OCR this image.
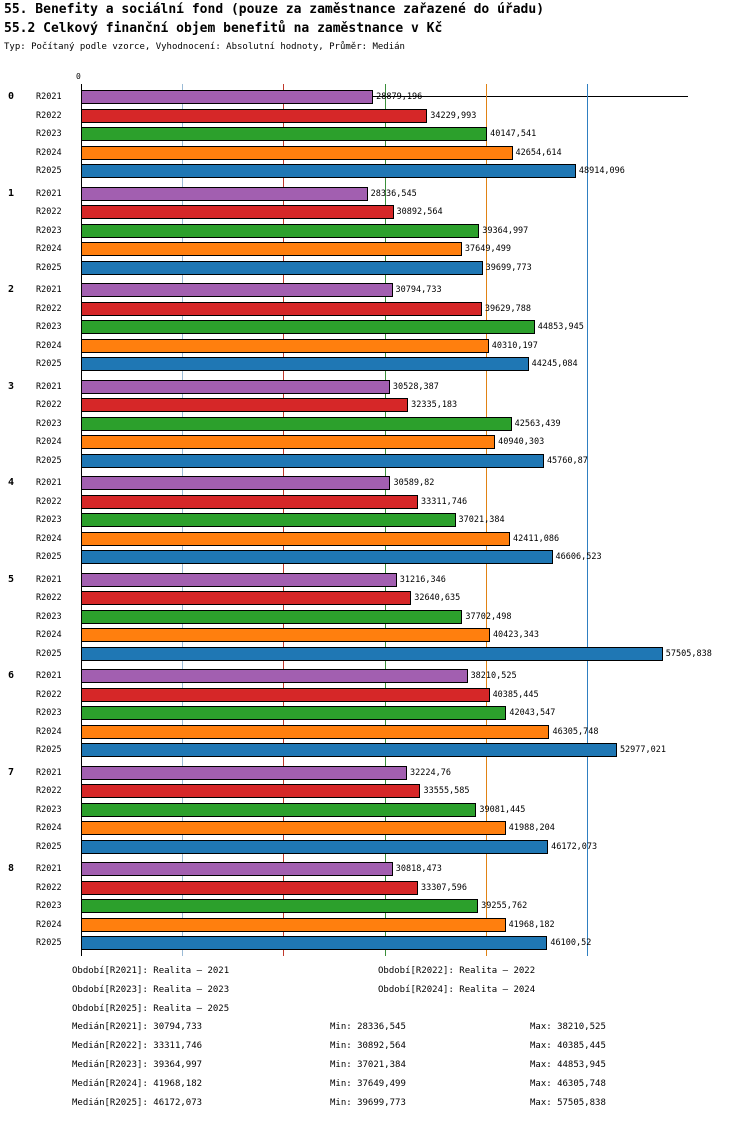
55. Benefity a sociální fond (pouze za zaměstnance zařazené do úřadu)
55.2 Celkový finanční objem benefitů na zaměstnance v Kč
Typ: Počítaný podle vzorce, Vyhodnocení: Absolutní hodnoty, Průměr: Medián
0
0	R2021	28879,196
R2022	34229,993
R2023	40147,541
R2024	42654,614
R2025	48914,096
1	R2021	28336,545
R2022	30892,564
R2023	39364,997
R2024	37649,499
R2025	39699,773
2	R2021	30794,733
R2022	39629,788
R2023	44853,945
R2024	40310,197
R2025	44245,084
3	R2021	30528,387
R2022	32335,183
R2023	42563,439
R2024	40940,303
R2025	45760,87
4	R2021	30589,82
R2022	33311,746
R2023	37021,384
R2024	42411,086
R2025	46606,523
5	R2021	31216,346
R2022	32640,635
R2023	37702,498
R2024	40423,343
R2025	57505,838
6	R2021	38210,525
R2022	40385,445
R2023	42043,547
R2024	46305,748
R2025	52977,021
7	R2021	32224,76
R2022	33555,585
R2023	39081,445
R2024	41988,204
R2025	46172,073
8	R2021	30818,473
R2022	33307,596
R2023	39255,762
R2024	41968,182
R2025	46100,52
Období[R2021]: Realita – 2021	Období[R2022]: Realita – 2022
Období[R2023]: Realita – 2023	Období[R2024]: Realita – 2024
Období[R2025]: Realita – 2025
Medián[R2021]: 30794,733	Min: 28336,545	Max: 38210,525
Medián[R2022]: 33311,746	Min: 30892,564	Max: 40385,445
Medián[R2023]: 39364,997	Min: 37021,384	Max: 44853,945
Medián[R2024]: 41968,182	Min: 37649,499	Max: 46305,748
Medián[R2025]: 46172,073	Min: 39699,773	Max: 57505,838
